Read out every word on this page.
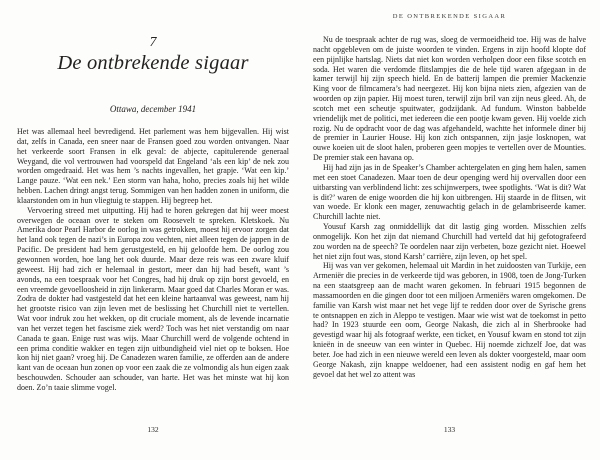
7
De ontbrekende sigaar
Ottawa, december 1941

Het was allemaal heel bevredigend. Het parlement was hem bijgevallen. Hij wist dat, zelfs in Canada, een sneer naar de Fransen goed zou worden ontvangen. Naar het verkeerde soort Fransen in elk geval: de abjecte, capitulerende generaal Weygand, die vol vertrouwen had voorspeld dat Engeland ‘als een kip’ de nek zou worden omgedraaid. Het was hem ’s nachts ingevallen, het grapje. ‘Wat een kip.’ Lange pauze. ‘Wat een nek.’ Een storm van haha, hoho, precies zoals hij het wilde hebben. Lachen dringt angst terug. Sommigen van hen hadden zonen in uniform, die klaarstonden om in hun vliegtuig te stappen. Hij begreep het.

Vervoering streed met uitputting. Hij had te horen gekregen dat hij weer moest overwegen de oceaan over te steken om Roosevelt te spreken. Kletskoek. Nu Amerika door Pearl Harbor de oorlog in was getrokken, moest hij ervoor zorgen dat het land ook tegen de nazi’s in Europa zou vechten, niet alleen tegen de jappen in de Pacific. De president had hem gerustgesteld, en hij geloofde hem. De oorlog zou gewonnen worden, hoe lang het ook duurde. Maar deze reis was een zware kluif geweest. Hij had zich er helemaal in gestort, meer dan hij had beseft, want ’s avonds, na een toespraak voor het Congres, had hij druk op zijn borst gevoeld, en een vreemde gevoelloosheid in zijn linkerarm. Maar goed dat Charles Moran er was. Zodra de dokter had vastgesteld dat het een kleine hartaanval was geweest, nam hij het grootste risico van zijn leven met de beslissing het Churchill niet te vertellen. Wat voor indruk zou het wekken, op dit cruciale moment, als de levende incarnatie van het verzet tegen het fascisme ziek werd? Toch was het niet verstandig om naar Canada te gaan. Enige rust was wijs. Maar Churchill werd de volgende ochtend in een prima conditie wakker en tegen zijn uitbundigheid viel niet op te boksen. Hoe kon hij niet gaan? vroeg hij. De Canadezen waren familie, ze offerden aan de andere kant van de oceaan hun zonen op voor een zaak die ze volmondig als hun eigen zaak beschouwden. Schouder aan schouder, van harte. Het was het minste wat hij kon doen. Zo’n taaie slimme vogel.

132
DE ONTBREKENDE SIGAAR

Nu de toespraak achter de rug was, sloeg de vermoeidheid toe. Hij was de halve nacht opgebleven om de juiste woorden te vinden. Ergens in zijn hoofd klopte dof een pijnlijke hartslag. Niets dat niet kon worden verholpen door een fikse scotch en soda. Het waren die verdomde flitslampjes die de hele tijd waren afgegaan in de kamer terwijl hij zijn speech hield. En de batterij lampen die premier Mackenzie King voor de filmcamera’s had neergezet. Hij kon bijna niets zien, afgezien van de woorden op zijn papier. Hij moest turen, terwijl zijn bril van zijn neus gleed. Ah, de scotch met een scheutje spuitwater, godzijdank. Ad fundum. Winston babbelde vriendelijk met de politici, met iedereen die een pootje kwam geven. Hij voelde zich rozig. Nu de opdracht voor de dag was afgehandeld, wachtte het informele diner bij de premier in Laurier House. Hij kon zich ontspannen, zijn jasje losknopen, wat ouwe koeien uit de sloot halen, proberen geen mopjes te vertellen over de Mounties. De premier stak een havana op.

Hij had zijn jas in de Speaker’s Chamber achtergelaten en ging hem halen, samen met een stoet Canadezen. Maar toen de deur openging werd hij overvallen door een uitbarsting van verblindend licht: zes schijnwerpers, twee spotlights. ‘Wat is dit? Wat is dit?’ waren de enige woorden die hij kon uitbrengen. Hij staarde in de flitsen, wit van woede. Er klonk een mager, zenuwachtig gelach in de gelambriseerde kamer. Churchill lachte niet.

Yousuf Karsh zag onmiddellijk dat dit lastig ging worden. Misschien zelfs onmogelijk. Kon het zijn dat niemand Churchill had verteld dat hij gefotografeerd zou worden na de speech? Te oordelen naar zijn verbeten, boze gezicht niet. Hoewel het niet zijn fout was, stond Karsh’ carrière, zijn leven, op het spel.

Hij was van ver gekomen, helemaal uit Mardin in het zuidoosten van Turkije, een Armeniër die precies in de verkeerde tijd was geboren, in 1908, toen de Jong-Turken na een staatsgreep aan de macht waren gekomen. In februari 1915 begonnen de massamoorden en die gingen door tot een miljoen Armeniërs waren omgekomen. De familie van Karsh wist maar net het vege lijf te redden door over de Syrische grens te ontsnappen en zich in Aleppo te vestigen. Maar wie wist wat de toekomst in petto had? In 1923 stuurde een oom, George Nakash, die zich al in Sherbrooke had gevestigd waar hij als fotograaf werkte, een ticket, en Yousuf kwam en stond tot zijn knieën in de sneeuw van een winter in Quebec. Hij noemde zichzelf Joe, dat was beter. Joe had zich in een nieuwe wereld een leven als dokter voorgesteld, maar oom George Nakash, zijn knappe weldoener, had een assistent nodig en gaf hem het gevoel dat het wel zo attent was

133
